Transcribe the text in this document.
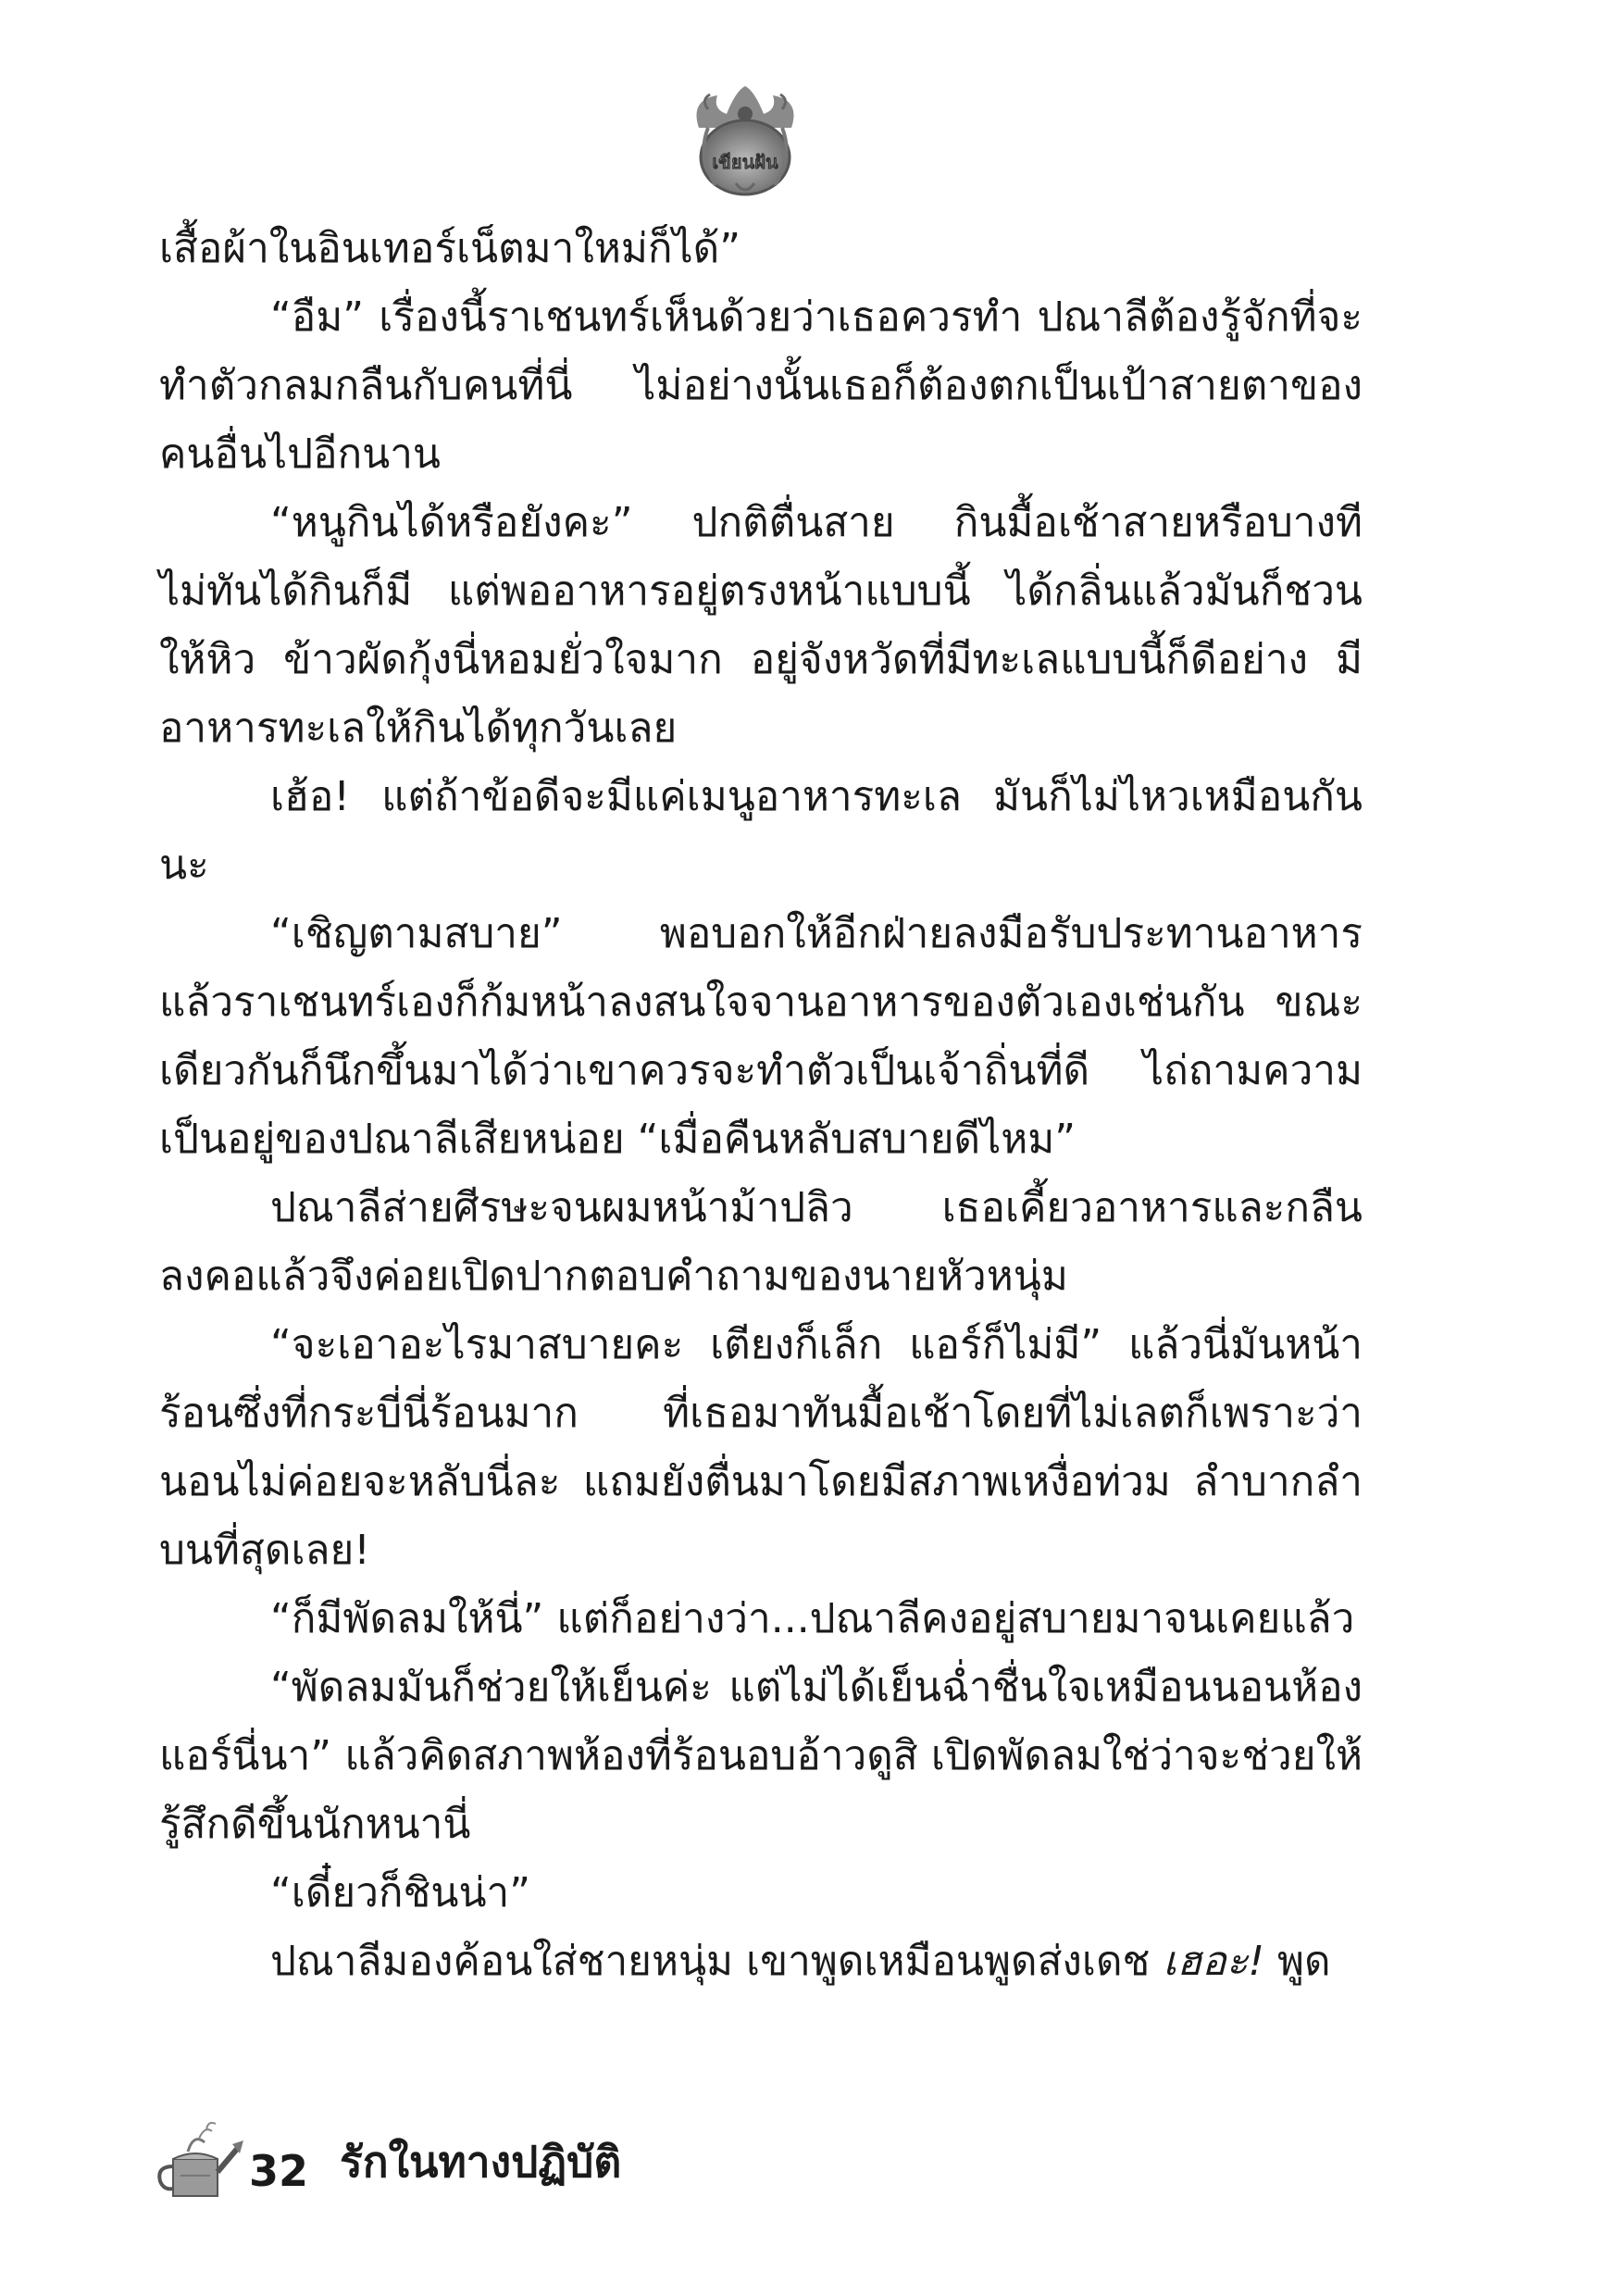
เขียนฝัน

เสื้อผ้าในอินเทอร์เน็ตมาใหม่ก็ได้”

“อืม” เรื่องนี้ราเชนทร์เห็นด้วยว่าเธอควรทำ ปณาลีต้องรู้จักที่จะทำตัวกลมกลืนกับคนที่นี่ ไม่อย่างนั้นเธอก็ต้องตกเป็นเป้าสายตาของคนอื่นไปอีกนาน

“หนูกินได้หรือยังคะ” ปกติตื่นสาย กินมื้อเช้าสายหรือบางทีไม่ทันได้กินก็มี แต่พออาหารอยู่ตรงหน้าแบบนี้ ได้กลิ่นแล้วมันก็ชวนให้หิว ข้าวผัดกุ้งนี่หอมยั่วใจมาก อยู่จังหวัดที่มีทะเลแบบนี้ก็ดีอย่าง มีอาหารทะเลให้กินได้ทุกวันเลย

เฮ้อ! แต่ถ้าข้อดีจะมีแค่เมนูอาหารทะเล มันก็ไม่ไหวเหมือนกันนะ

“เชิญตามสบาย” พอบอกให้อีกฝ่ายลงมือรับประทานอาหาร แล้วราเชนทร์เองก็ก้มหน้าลงสนใจจานอาหารของตัวเองเช่นกัน ขณะเดียวกันก็นึกขึ้นมาได้ว่าเขาควรจะทำตัวเป็นเจ้าถิ่นที่ดี ไถ่ถามความเป็นอยู่ของปณาลีเสียหน่อย “เมื่อคืนหลับสบายดีไหม”

ปณาลีส่ายศีรษะจนผมหน้าม้าปลิว เธอเคี้ยวอาหารและกลืนลงคอแล้วจึงค่อยเปิดปากตอบคำถามของนายหัวหนุ่ม

“จะเอาอะไรมาสบายคะ เตียงก็เล็ก แอร์ก็ไม่มี” แล้วนี่มันหน้าร้อนซึ่งที่กระบี่นี่ร้อนมาก ที่เธอมาทันมื้อเช้าโดยที่ไม่เลตก็เพราะว่านอนไม่ค่อยจะหลับนี่ละ แถมยังตื่นมาโดยมีสภาพเหงื่อท่วม ลำบากลำบนที่สุดเลย!

“ก็มีพัดลมให้นี่” แต่ก็อย่างว่า...ปณาลีคงอยู่สบายมาจนเคยแล้ว

“พัดลมมันก็ช่วยให้เย็นค่ะ แต่ไม่ได้เย็นฉ่ำชื่นใจเหมือนนอนห้องแอร์นี่นา” แล้วคิดสภาพห้องที่ร้อนอบอ้าวดูสิ เปิดพัดลมใช่ว่าจะช่วยให้รู้สึกดีขึ้นนักหนานี่

“เดี๋ยวก็ชินน่า”

ปณาลีมองค้อนใส่ชายหนุ่ม เขาพูดเหมือนพูดส่งเดช เฮอะ! พูด

32 รักในทางปฏิบัติ
